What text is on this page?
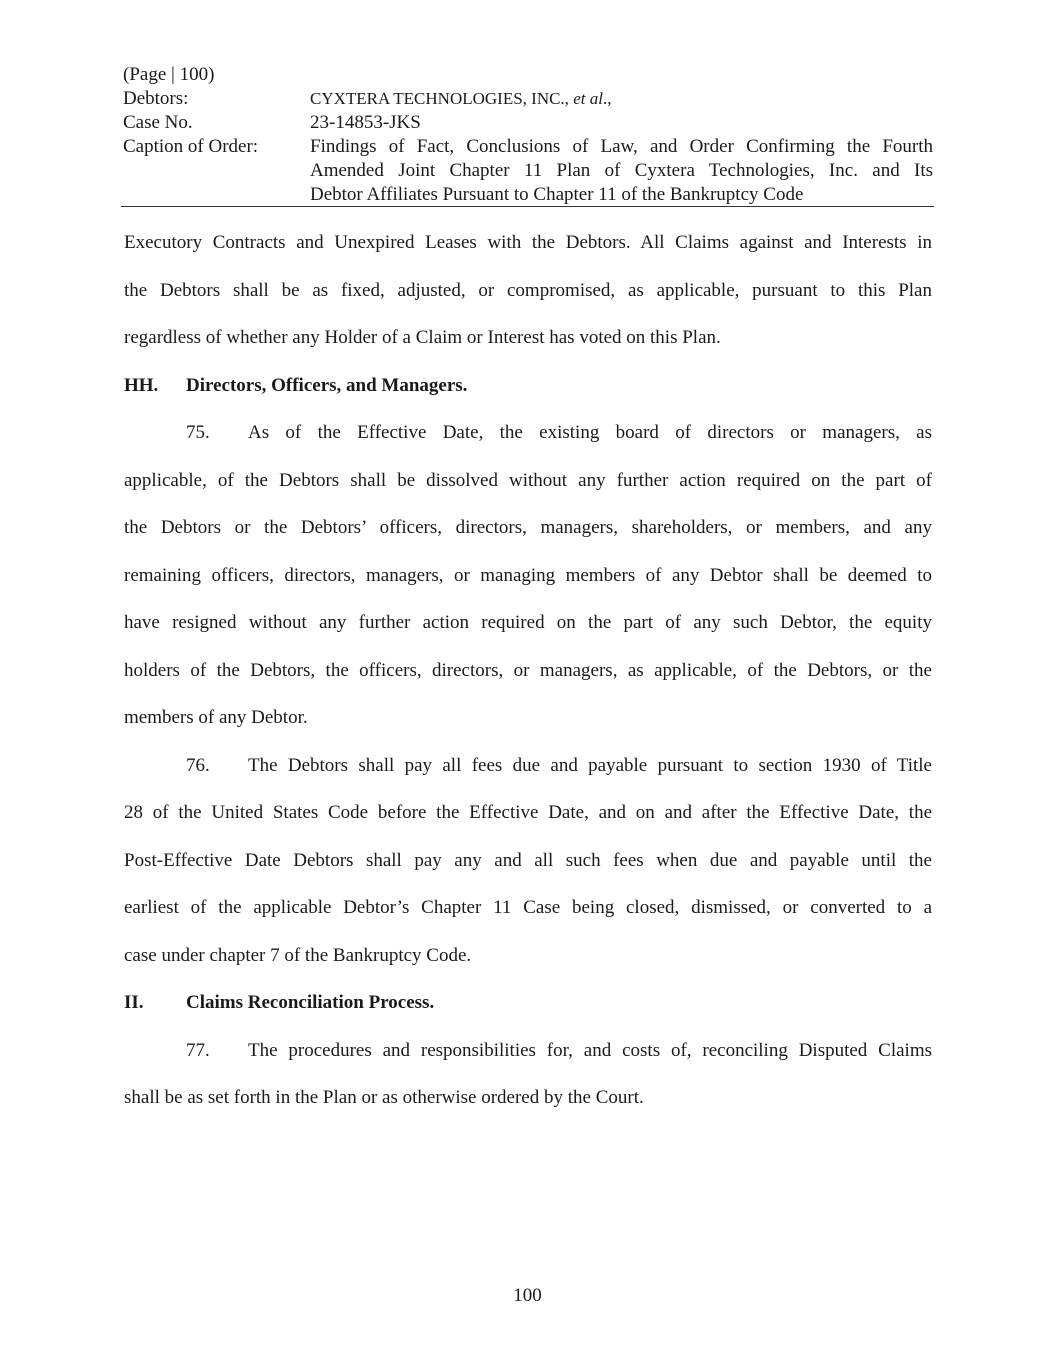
(Page | 100)
Debtors:	CYXTERA TECHNOLOGIES, INC., et al.,
Case No.	23-14853-JKS
Caption of Order:	Findings of Fact, Conclusions of Law, and Order Confirming the Fourth
Amended Joint Chapter 11 Plan of Cyxtera Technologies, Inc. and Its
Debtor Affiliates Pursuant to Chapter 11 of the Bankruptcy Code
Executory Contracts and Unexpired Leases with the Debtors. All Claims against and Interests in
the Debtors shall be as fixed, adjusted, or compromised, as applicable, pursuant to this Plan
regardless of whether any Holder of a Claim or Interest has voted on this Plan.
HH. Directors, Officers, and Managers.
75. As of the Effective Date, the existing board of directors or managers, as
applicable, of the Debtors shall be dissolved without any further action required on the part of
the Debtors or the Debtors’ officers, directors, managers, shareholders, or members, and any
remaining officers, directors, managers, or managing members of any Debtor shall be deemed to
have resigned without any further action required on the part of any such Debtor, the equity
holders of the Debtors, the officers, directors, or managers, as applicable, of the Debtors, or the
members of any Debtor.
76. The Debtors shall pay all fees due and payable pursuant to section 1930 of Title
28 of the United States Code before the Effective Date, and on and after the Effective Date, the
Post-Effective Date Debtors shall pay any and all such fees when due and payable until the
earliest of the applicable Debtor’s Chapter 11 Case being closed, dismissed, or converted to a
case under chapter 7 of the Bankruptcy Code.
II. Claims Reconciliation Process.
77. The procedures and responsibilities for, and costs of, reconciling Disputed Claims
shall be as set forth in the Plan or as otherwise ordered by the Court.
100
